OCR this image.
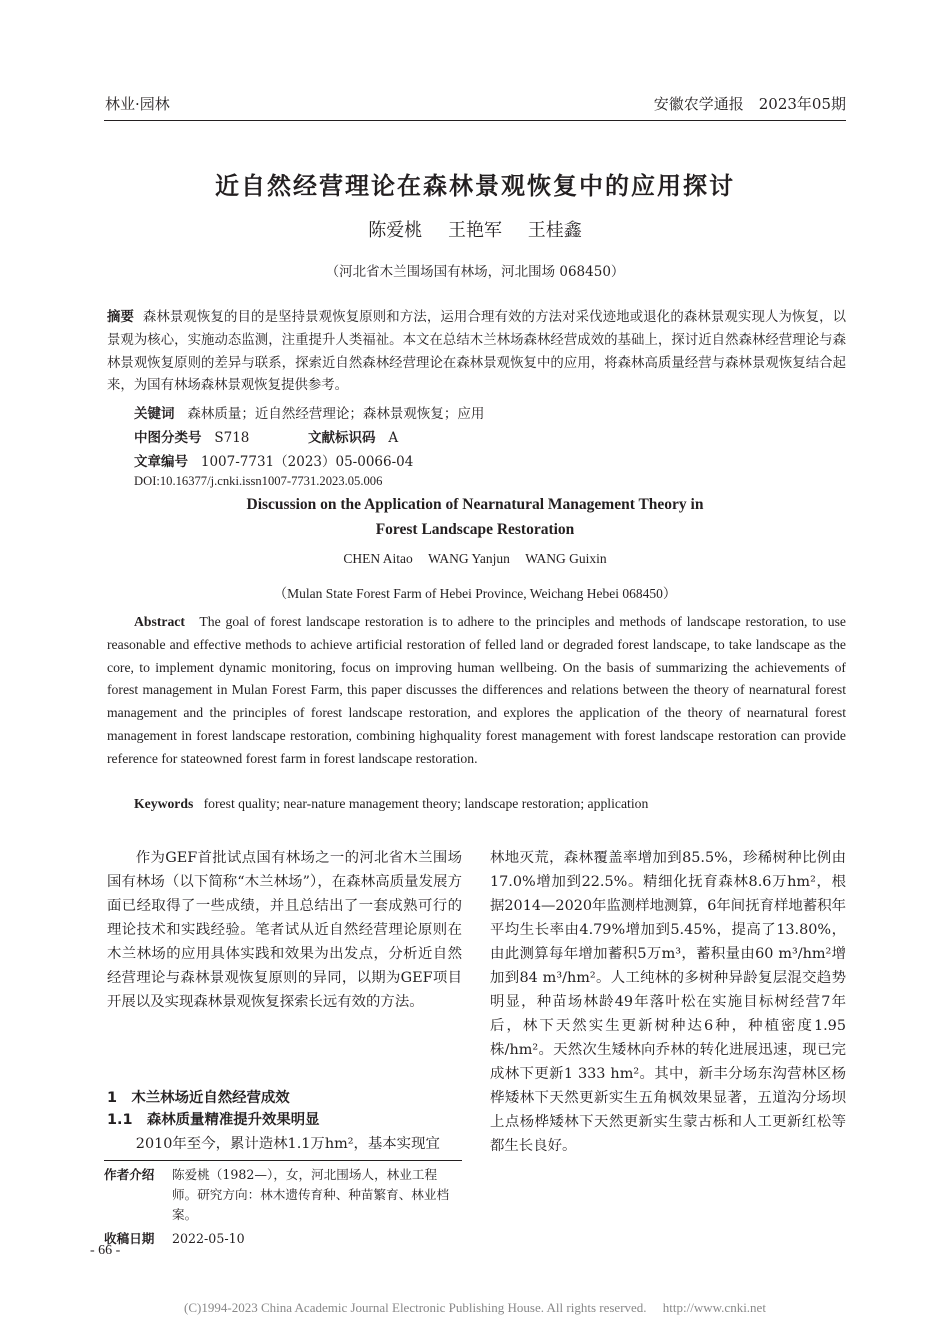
林业·园林	安徽农学通报　2023年05期
近自然经营理论在森林景观恢复中的应用探讨
陈爱桃 王艳军 王桂鑫
（河北省木兰围场国有林场，河北围场 068450）
摘要 森林景观恢复的目的是坚持景观恢复原则和方法，运用合理有效的方法对采伐迹地或退化的森林景观实现人为恢复，以景观为核心，实施动态监测，注重提升人类福祉。本文在总结木兰林场森林经营成效的基础上，探讨近自然森林经营理论与森林景观恢复原则的差异与联系，探索近自然森林经营理论在森林景观恢复中的应用，将森林高质量经营与森林景观恢复结合起来，为国有林场森林景观恢复提供参考。
关键词 森林质量；近自然经营理论；森林景观恢复；应用
中图分类号 S718	文献标识码 A
文章编号 1007-7731（2023）05-0066-04
DOI:10.16377/j.cnki.issn1007-7731.2023.05.006
Discussion on the Application of Nearnatural Management Theory in
Forest Landscape Restoration
CHEN Aitao WANG Yanjun WANG Guixin
（Mulan State Forest Farm of Hebei Province, Weichang Hebei 068450）
Abstract The goal of forest landscape restoration is to adhere to the principles and methods of landscape restoration, to use reasonable and effective methods to achieve artificial restoration of felled land or degraded forest landscape, to take landscape as the core, to implement dynamic monitoring, focus on improving human wellbeing. On the basis of summarizing the achievements of forest management in Mulan Forest Farm, this paper discusses the differences and relations between the theory of nearnatural forest management and the principles of forest landscape restoration, and explores the application of the theory of nearnatural forest management in forest landscape restoration, combining highquality forest management with forest landscape restoration can provide reference for stateowned forest farm in forest landscape restoration.
Keywords forest quality; near-nature management theory; landscape restoration; application
作为GEF首批试点国有林场之一的河北省木兰围场国有林场（以下简称“木兰林场”），在森林高质量发展方面已经取得了一些成绩，并且总结出了一套成熟可行的理论技术和实践经验。笔者试从近自然经营理论原则在木兰林场的应用具体实践和效果为出发点，分析近自然经营理论与森林景观恢复原则的异同，以期为GEF项目开展以及实现森林景观恢复探索长远有效的方法。
1　木兰林场近自然经营成效
1.1　森林质量精准提升效果明显
2010年至今，累计造林1.1万hm²，基本实现宜
作者介绍	陈爱桃（1982—），女，河北围场人，林业工程师。研究方向：林木遗传育种、种苗繁育、林业档案。
收稿日期	2022-05-10
林地灭荒，森林覆盖率增加到85.5%，珍稀树种比例由17.0%增加到22.5%。精细化抚育森林8.6万hm²，根据2014—2020年监测样地测算，6年间抚育样地蓄积年平均生长率由4.79%增加到5.45%，提高了13.80%，由此测算每年增加蓄积5万m³，蓄积量由60 m³/hm²增加到84 m³/hm²。人工纯林的多树种异龄复层混交趋势明显，种苗场林龄49年落叶松在实施目标树经营7年后，林下天然实生更新树种达6种，种植密度1.95株/hm²。天然次生矮林向乔林的转化进展迅速，现已完成林下更新1 333 hm²。其中，新丰分场东沟营林区杨桦矮林下天然更新实生五角枫效果显著，五道沟分场坝上点杨桦矮林下天然更新实生蒙古栎和人工更新红松等都生长良好。
- 66 -
(C)1994-2023 China Academic Journal Electronic Publishing House. All rights reserved.　 http://www.cnki.net
